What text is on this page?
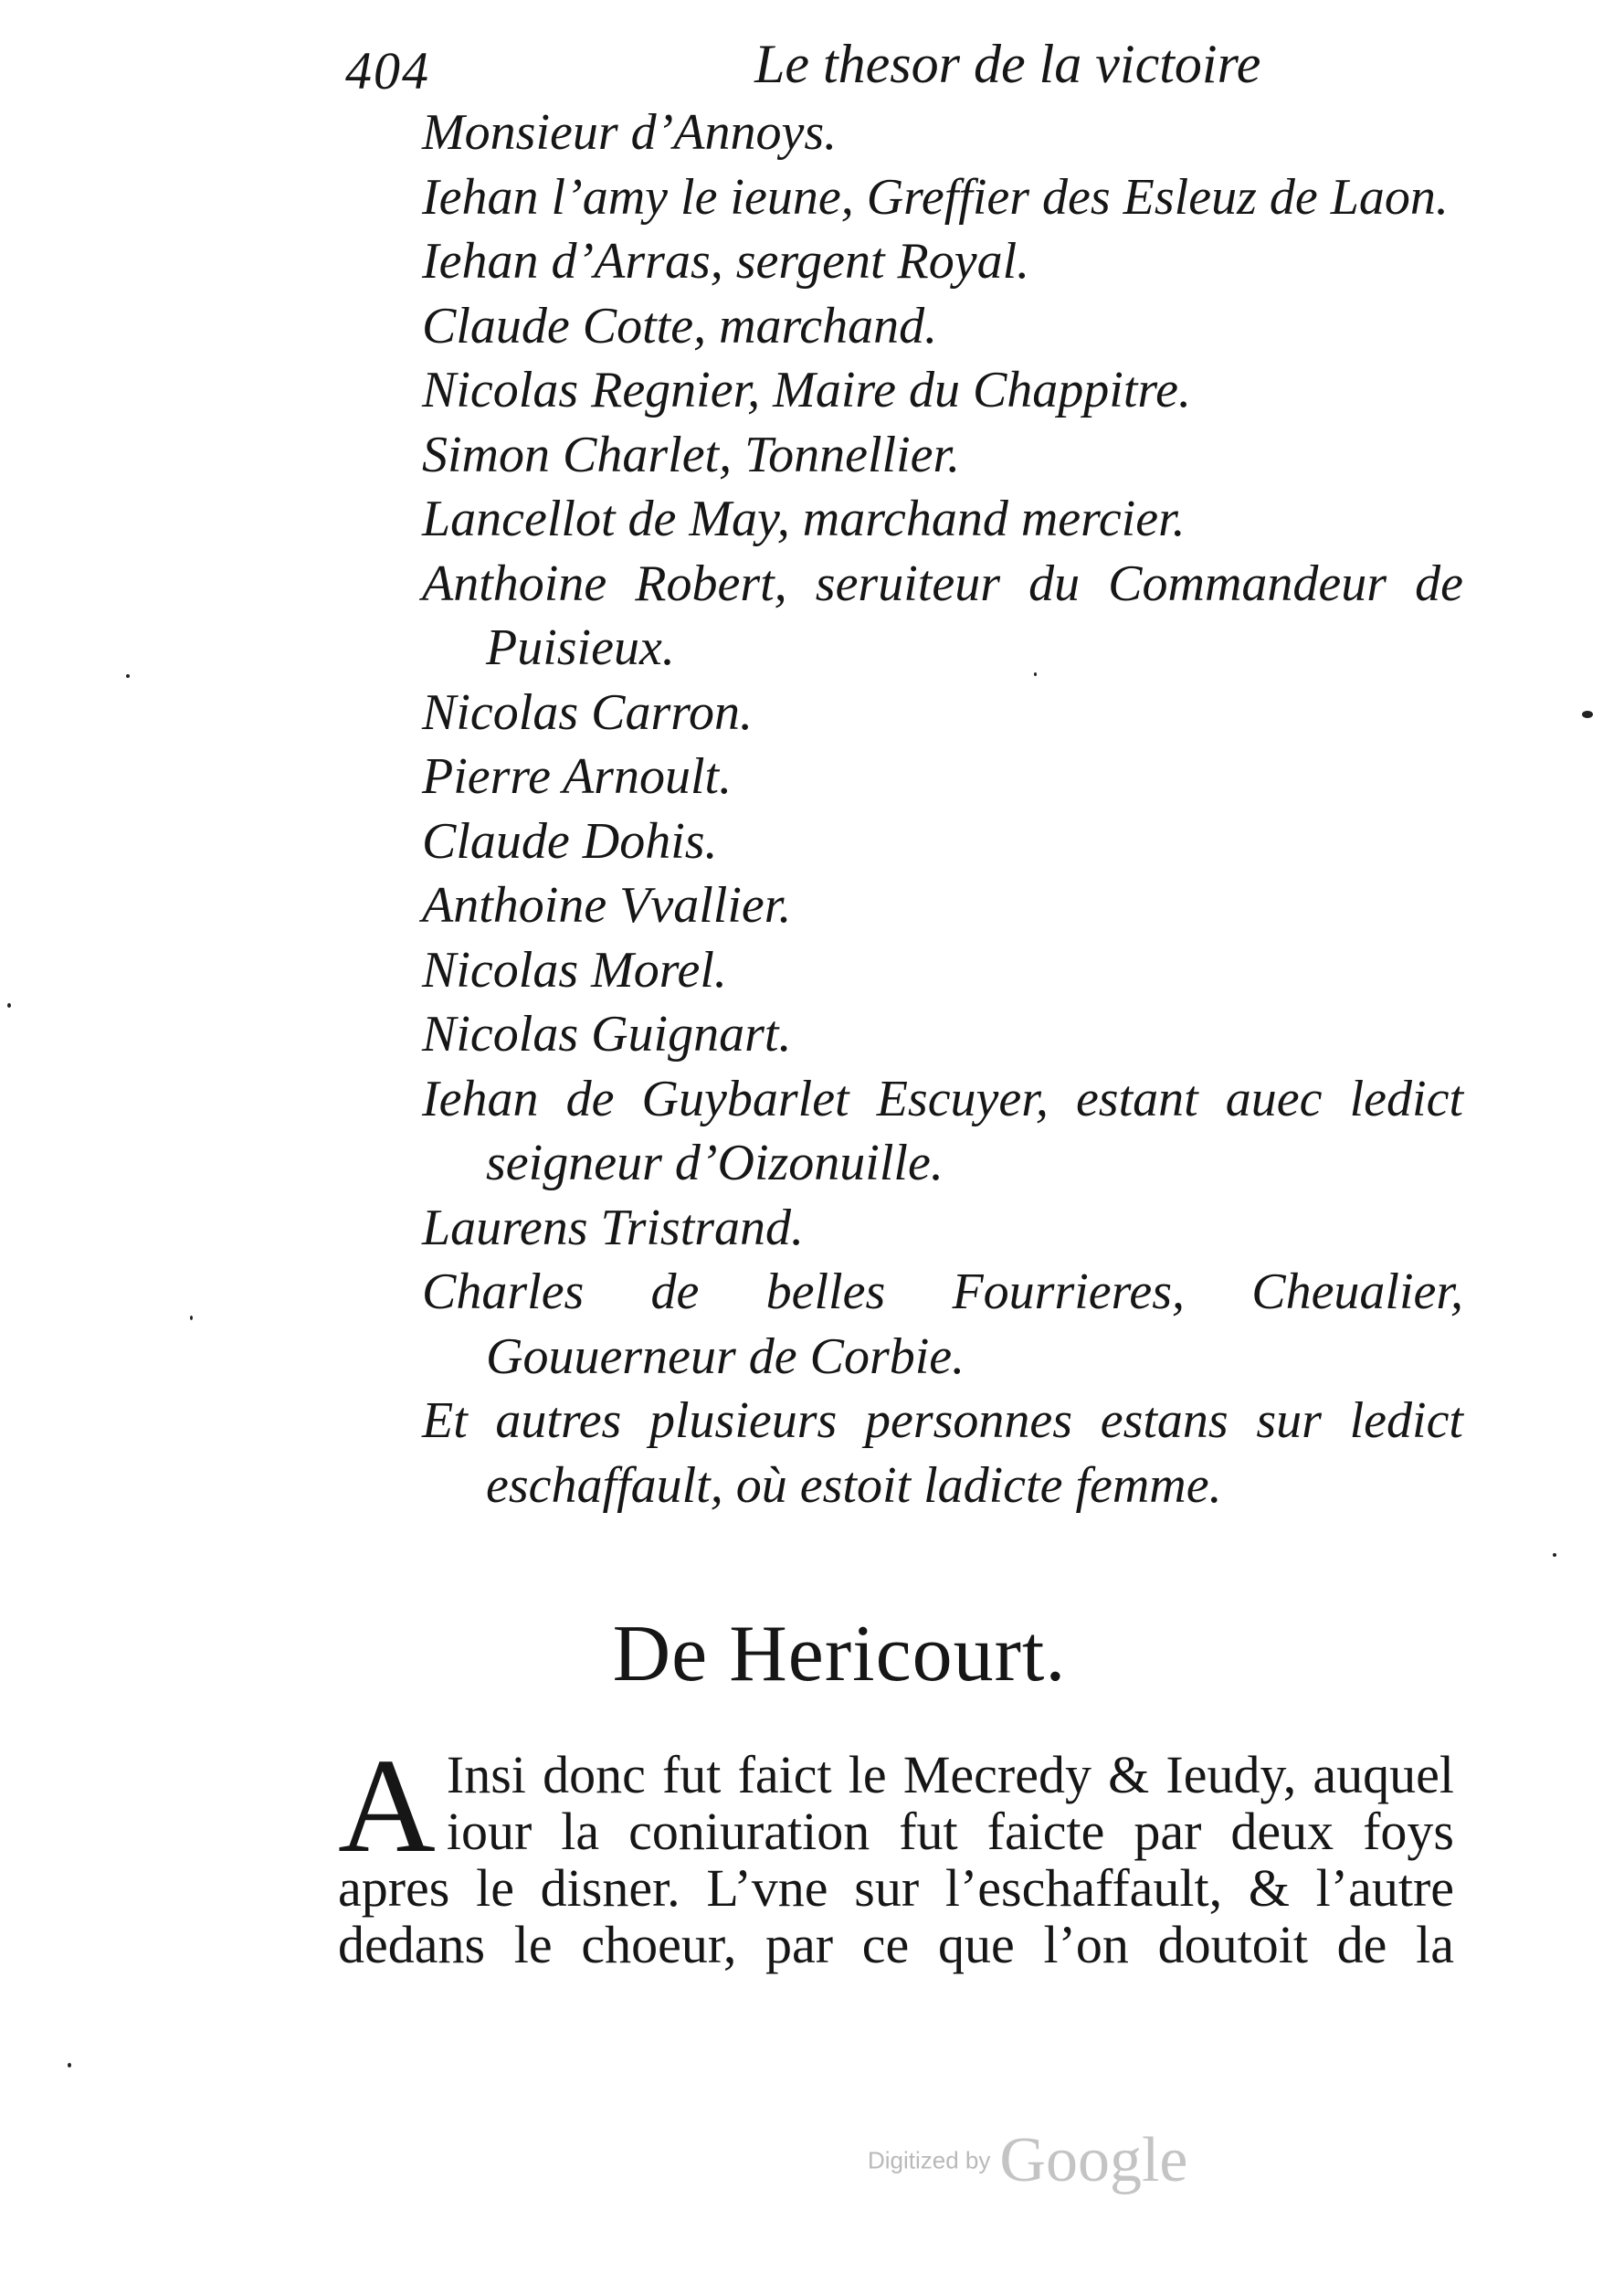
404	Le thesor de la victoire
Monsieur d’Annoys.
Iehan l’amy le ieune, Greffier des Esleuz de Laon.
Iehan d’Arras, sergent Royal.
Claude Cotte, marchand.
Nicolas Regnier, Maire du Chappitre.
Simon Charlet, Tonnellier.
Lancellot de May, marchand mercier.
Anthoine Robert, seruiteur du Commandeur de Puisieux.
Nicolas Carron.
Pierre Arnoult.
Claude Dohis.
Anthoine Vvallier.
Nicolas Morel.
Nicolas Guignart.
Iehan de Guybarlet Escuyer, estant auec ledict seigneur d’Oizonuille.
Laurens Tristrand.
Charles de belles Fourrieres, Cheualier, Gouuerneur de Corbie.
Et autres plusieurs personnes estans sur ledict eschaffault, où estoit ladicte femme.
De Hericourt.

A Insi donc fut faict le Mecredy & Ieudy, auquel iour la coniuration fut faicte par deux foys apres le disner. L’vne sur l’eschaffault, & l’autre dedans le choeur, par ce que l’on doutoit de la

Digitized by Google
